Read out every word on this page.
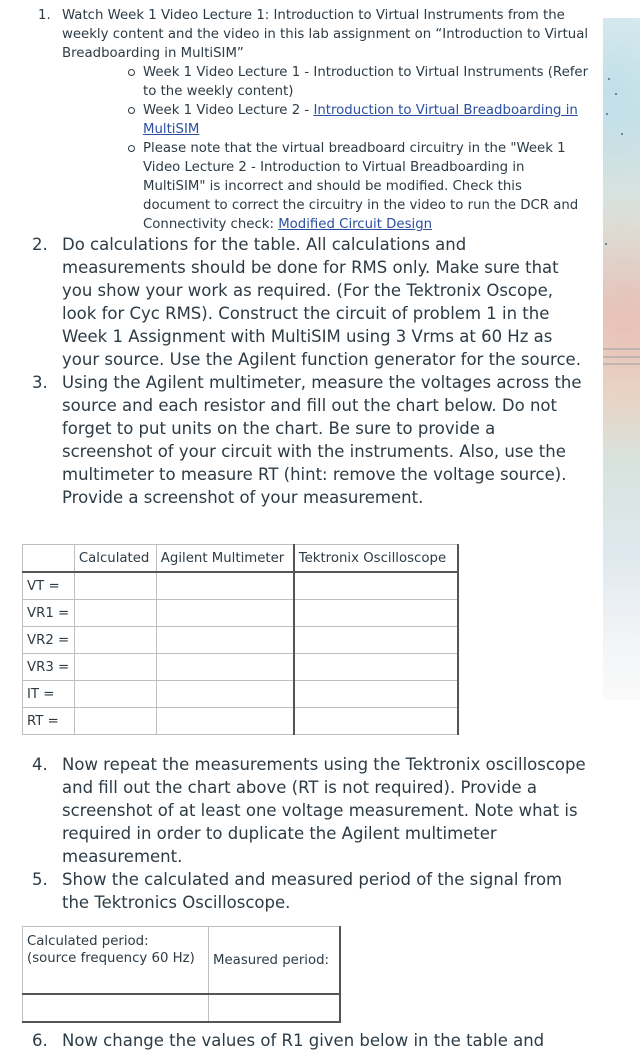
1. Watch Week 1 Video Lecture 1: Introduction to Virtual Instruments from the weekly content and the video in this lab assignment on “Introduction to Virtual Breadboarding in MultiSIM”
Week 1 Video Lecture 1 - Introduction to Virtual Instruments (Refer to the weekly content)
Week 1 Video Lecture 2 - Introduction to Virtual Breadboarding in MultiSIM
Please note that the virtual breadboard circuitry in the "Week 1 Video Lecture 2 - Introduction to Virtual Breadboarding in MultiSIM" is incorrect and should be modified. Check this document to correct the circuitry in the video to run the DCR and Connectivity check: Modified Circuit Design
2. Do calculations for the table. All calculations and measurements should be done for RMS only. Make sure that you show your work as required. (For the Tektronix Oscope, look for Cyc RMS). Construct the circuit of problem 1 in the Week 1 Assignment with MultiSIM using 3 Vrms at 60 Hz as your source. Use the Agilent function generator for the source.
3. Using the Agilent multimeter, measure the voltages across the source and each resistor and fill out the chart below. Do not forget to put units on the chart. Be sure to provide a screenshot of your circuit with the instruments. Also, use the multimeter to measure RT (hint: remove the voltage source). Provide a screenshot of your measurement.
	Calculated	Agilent Multimeter	Tektronix Oscilloscope
VT =			
VR1 =			
VR2 =			
VR3 =			
IT =			
RT =			
4. Now repeat the measurements using the Tektronix oscilloscope and fill out the chart above (RT is not required). Provide a screenshot of at least one voltage measurement. Note what is required in order to duplicate the Agilent multimeter measurement.
5. Show the calculated and measured period of the signal from the Tektronics Oscilloscope.
Calculated period:
(source frequency 60 Hz)	Measured period:

6. Now change the values of R1 given below in the table and
